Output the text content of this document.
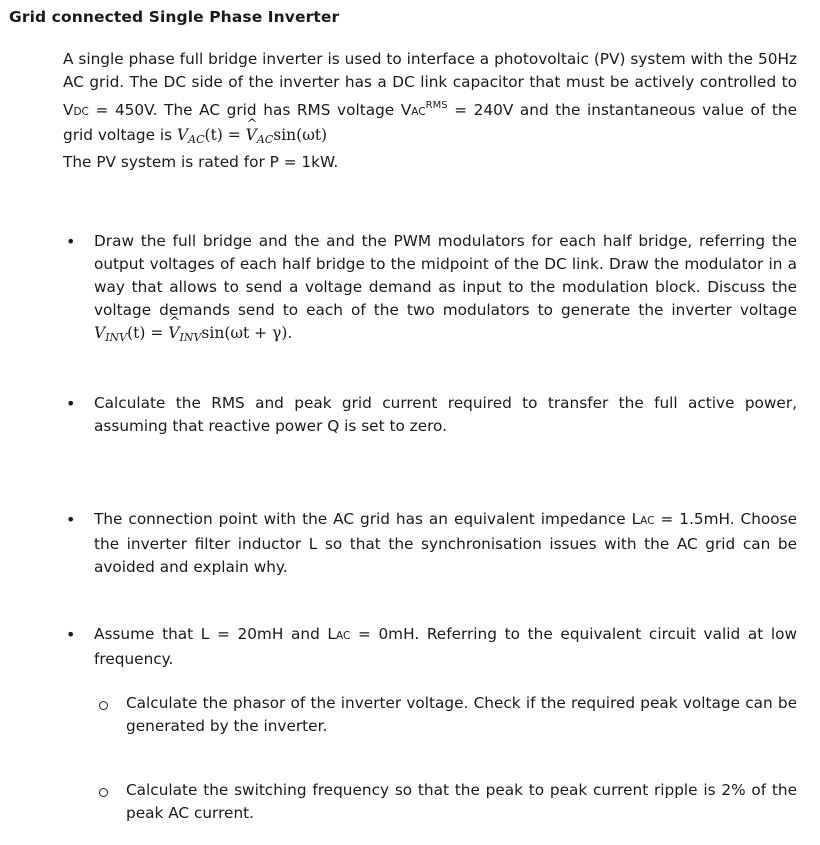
Grid connected Single Phase Inverter

A single phase full bridge inverter is used to interface a photovoltaic (PV) system with the 50Hz AC grid. The DC side of the inverter has a DC link capacitor that must be actively controlled to VDC = 450V. The AC grid has RMS voltage $VAC^{RMS} = 240V$ and the instantaneous value of the grid voltage is VAC(t) = ^ VACsin(ωt)

The PV system is rated for P = 1kW.

• Draw the full bridge and the and the PWM modulators for each half bridge, referring the output voltages of each half bridge to the midpoint of the DC link. Draw the modulator in a way that allows to send a voltage demand as input to the modulation block. Discuss the voltage demands send to each of the two modulators to generate the inverter voltage VINV(t) = ^ VINVsin(ωt + γ).
• Calculate the RMS and peak grid current required to transfer the full active power, assuming that reactive power Q is set to zero.
• The connection point with the AC grid has an equivalent impedance LAC = 1.5mH. Choose the inverter filter inductor L so that the synchronisation issues with the AC grid can be avoided and explain why.
• Assume that L = 20mH and LAC = 0mH. Referring to the equivalent circuit valid at low frequency.
Calculate the phasor of the inverter voltage. Check if the required peak voltage can be generated by the inverter.
Calculate the switching frequency so that the peak to peak current ripple is 2% of the peak AC current.
